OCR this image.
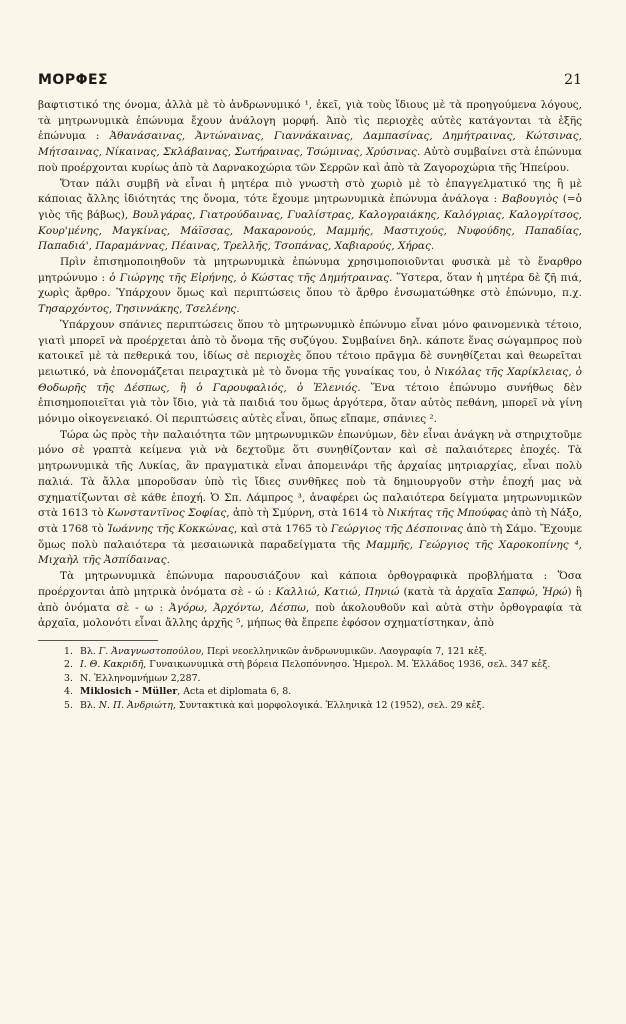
ΜΟΡΦΕΣ	21

βαφτιστικό της όνομα, ἀλλὰ μὲ τὸ ἀνδρωνυμικό ¹, ἐκεῖ, γιὰ τοὺς ἴδιους μὲ τὰ προηγούμενα λόγους, τὰ μητρωνυμικὰ ἐπώνυμα ἔχουν ἀνάλογη μορφή. Ἀπὸ τὶς περιοχὲς αὐτὲς κατάγονται τὰ ἑξῆς ἐπώνυμα : Ἀθανάσαινας, Ἀντώναινας, Γιαννάκαινας, Δαμπασίνας, Δημήτραινας, Κώτσινας, Μήτσαινας, Νίκαινας, Σκλάβαινας, Σωτήραινας, Τσώμινας, Χρύσινας. Αὐτὸ συμβαίνει στὰ ἐπώνυμα ποὺ προέρχονται κυρίως ἀπὸ τὰ Δαρνακοχώρια τῶν Σερρῶν καὶ ἀπὸ τὰ Ζαγοροχώρια τῆς Ἠπείρου.

Ὅταν πάλι συμβῆ νὰ εἶναι ἡ μητέρα πιὸ γνωστὴ στὸ χωριὸ μὲ τὸ ἐπαγγελματικό της ἢ μὲ κάποιας ἄλλης ἰδιότητάς της ὄνομα, τότε ἔχουμε μητρωνυμικὰ ἐπώνυμα ἀνάλογα : Βαβουγιὸς (=ὁ γιὸς τῆς βάβως), Βουλγάρας, Γιατρούδαινας, Γυαλίστρας, Καλογραιάκης, Καλόγριας, Καλογρίτσος, Κουρ'μένης, Μαγκίνας, Μάϊσσας, Μακαρονούς, Μαμμής, Μαστιχούς, Νυφούδης, Παπαδίας, Παπαδιά', Παραμάννας, Πέαινας, Τρελλῆς, Τσοπάνας, Χαβιαρούς, Χήρας.

Πρὶν ἐπισημοποιηθοῦν τὰ μητρωνυμικὰ ἐπώνυμα χρησιμοποιοῦνται φυσικὰ μὲ τὸ ἔναρθρο μητρώνυμο : ὁ Γιώργης τῆς Εἰρήνης, ὁ Κώστας τῆς Δημήτραινας. Ὕστερα, ὅταν ἡ μητέρα δὲ ζῆ πιά, χωρὶς ἄρθρο. Ὑπάρχουν ὅμως καὶ περιπτώσεις ὅπου τὸ ἄρθρο ἐνσωματώθηκε στὸ ἐπώνυμο, π.χ. Τησαρχόντος, Τησιννάκης, Τσελένης.

Ὑπάρχουν σπάνιες περιπτώσεις ὅπου τὸ μητρωνυμικὸ ἐπώνυμο εἶναι μόνο φαινομενικὰ τέτοιο, γιατὶ μπορεῖ νὰ προέρχεται ἀπὸ τὸ ὄνομα τῆς συζύγου. Συμβαίνει δηλ. κάποτε ἕνας σώγαμπρος ποὺ κατοικεῖ μὲ τὰ πεθερικά του, ἰδίως σὲ περιοχὲς ὅπου τέτοιο πρᾶγμα δὲ συνηθίζεται καὶ θεωρεῖται μειωτικό, νὰ ἐπονομάζεται πειραχτικὰ μὲ τὸ ὄνομα τῆς γυναίκας του, ὁ Νικόλας τῆς Χαρίκλειας, ὁ Θοδωρῆς τῆς Δέσπως, ἢ ὁ Γαρουφαλιός, ὁ Ἑλενιός. Ἕνα τέτοιο ἐπώνυμο συνήθως δὲν ἐπισημοποιεῖται γιὰ τὸν ἴδιο, γιὰ τὰ παιδιά του ὅμως ἀργότερα, ὅταν αὐτὸς πεθάνη, μπορεῖ νὰ γίνη μόνιμο οἰκογενειακό. Οἱ περιπτώσεις αὐτὲς εἶναι, ὅπως εἴπαμε, σπάνιες ².

Τώρα ὡς πρὸς τὴν παλαιότητα τῶν μητρωνυμικῶν ἐπωνύμων, δὲν εἶναι ἀνάγκη νὰ στηριχτοῦμε μόνο σὲ γραπτὰ κείμενα γιὰ νὰ δεχτοῦμε ὅτι συνηθίζονταν καὶ σὲ παλαιότερες ἐποχές. Τὰ μητρωνυμικὰ τῆς Λυκίας, ἂν πραγματικὰ εἶναι ἀπομεινάρι τῆς ἀρχαίας μητριαρχίας, εἶναι πολὺ παλιά. Τὰ ἄλλα μποροῦσαν ὑπὸ τὶς ἴδιες συνθῆκες ποὺ τὰ δημιουργοῦν στὴν ἐποχή μας νὰ σχηματίζωνται σὲ κάθε ἐποχή. Ὁ Σπ. Λάμπρος ³, ἀναφέρει ὡς παλαιότερα δείγματα μητρωνυμικῶν στὰ 1613 τὸ Κωνσταντῖνος Σοφίας, ἀπὸ τὴ Σμύρνη, στὰ 1614 τὸ Νικήτας τῆς Μπούφας ἀπὸ τὴ Νάξο, στὰ 1768 τὸ Ἰωάννης τῆς Κοκκώνας, καὶ στὰ 1765 τὸ Γεώργιος τῆς Δέσποινας ἀπὸ τὴ Σάμο. Ἔχουμε ὅμως πολὺ παλαιότερα τὰ μεσαιωνικὰ παραδείγματα τῆς Μαμμῆς, Γεώργιος τῆς Χαροκοπίνης ⁴, Μιχαὴλ τῆς Ἀσπίδαινας.

Τὰ μητρωνυμικὰ ἐπώνυμα παρουσιάζουν καὶ κάποια ὀρθογραφικὰ προβλήματα : Ὅσα προέρχονται ἀπὸ μητρικὰ ὀνόματα σὲ - ώ : Καλλιώ, Κατιώ, Πηνιώ (κατὰ τὰ ἀρχαῖα Σαπφώ, Ἠρώ) ἢ ἀπὸ ὀνόματα σὲ - ω : Ἀγόρω, Ἀρχόντω, Δέσπω, ποὺ ἀκολουθοῦν καὶ αὐτὰ στὴν ὀρθογραφία τὰ ἀρχαῖα, μολονότι εἶναι ἄλλης ἀρχῆς ⁵, μήπως θὰ ἔπρεπε ἐφόσον σχηματίστηκαν, ἀπὸ

1.Βλ. Γ. Ἀναγνωστοπούλου, Περὶ νεοελληνικῶν ἀνδρωνυμικῶν. Λαογραφία 7, 121 κἑξ.
2.Ι. Θ. Κακριδῆ, Γυναικωνυμικὰ στὴ βόρεια Πελοπόννησο. Ἡμερολ. Μ. Ἑλλάδος 1936, σελ. 347 κἑξ.
3.Ν. Ἑλληνομνήμων 2,287.
4.Miklosich - Müller, Acta et diplomata 6, 8.
5.Βλ. Ν. Π. Ἀνδριώτη, Συντακτικὰ καὶ μορφολογικά. Ἑλληνικὰ 12 (1952), σελ. 29 κἑξ.
